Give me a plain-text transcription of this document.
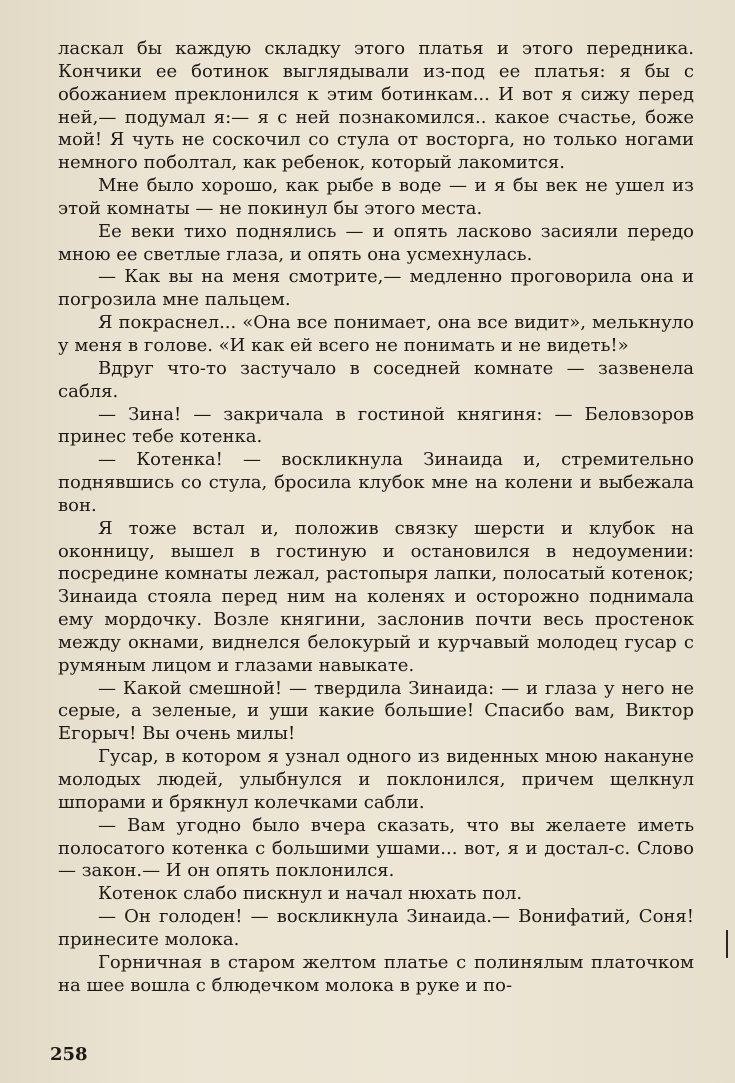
ласкал бы каждую складку этого платья и этого передника. Кончики ее ботинок выглядывали из-под ее платья: я бы с обожанием преклонился к этим ботинкам... И вот я сижу перед ней,— подумал я:— я с ней познакомился.. какое счастье, боже мой! Я чуть не соскочил со стула от восторга, но только ногами немного поболтал, как ребенок, который лакомится.

Мне было хорошо, как рыбе в воде — и я бы век не ушел из этой комнаты — не покинул бы этого места.

Ее веки тихо поднялись — и опять ласково засияли передо мною ее светлые глаза, и опять она усмехнулась.

— Как вы на меня смотрите,— медленно проговорила она и погрозила мне пальцем.

Я покраснел... «Она все понимает, она все видит», мелькнуло у меня в голове. «И как ей всего не понимать и не видеть!»

Вдруг что-то застучало в соседней комнате — зазвенела сабля.

— Зина! — закричала в гостиной княгиня: — Беловзоров принес тебе котенка.

— Котенка! — воскликнула Зинаида и, стремительно поднявшись со стула, бросила клубок мне на колени и выбежала вон.

Я тоже встал и, положив связку шерсти и клубок на оконницу, вышел в гостиную и остановился в недоумении: посредине комнаты лежал, растопыря лапки, полосатый котенок; Зинаида стояла перед ним на коленях и осторожно поднимала ему мордочку. Возле княгини, заслонив почти весь простенок между окнами, виднелся белокурый и курчавый молодец гусар с румяным лицом и глазами навыкате.

— Какой смешной! — твердила Зинаида: — и глаза у него не серые, а зеленые, и уши какие большие! Спасибо вам, Виктор Егорыч! Вы очень милы!

Гусар, в котором я узнал одного из виденных мною накануне молодых людей, улыбнулся и поклонился, причем щелкнул шпорами и брякнул колечками сабли.

— Вам угодно было вчера сказать, что вы желаете иметь полосатого котенка с большими ушами... вот, я и достал-с. Слово — закон.— И он опять поклонился.

Котенок слабо пискнул и начал нюхать пол.

— Он голоден! — воскликнула Зинаида.— Вонифатий, Соня! принесите молока.

Горничная в старом желтом платье с полинялым платочком на шее вошла с блюдечком молока в руке и по-

258
